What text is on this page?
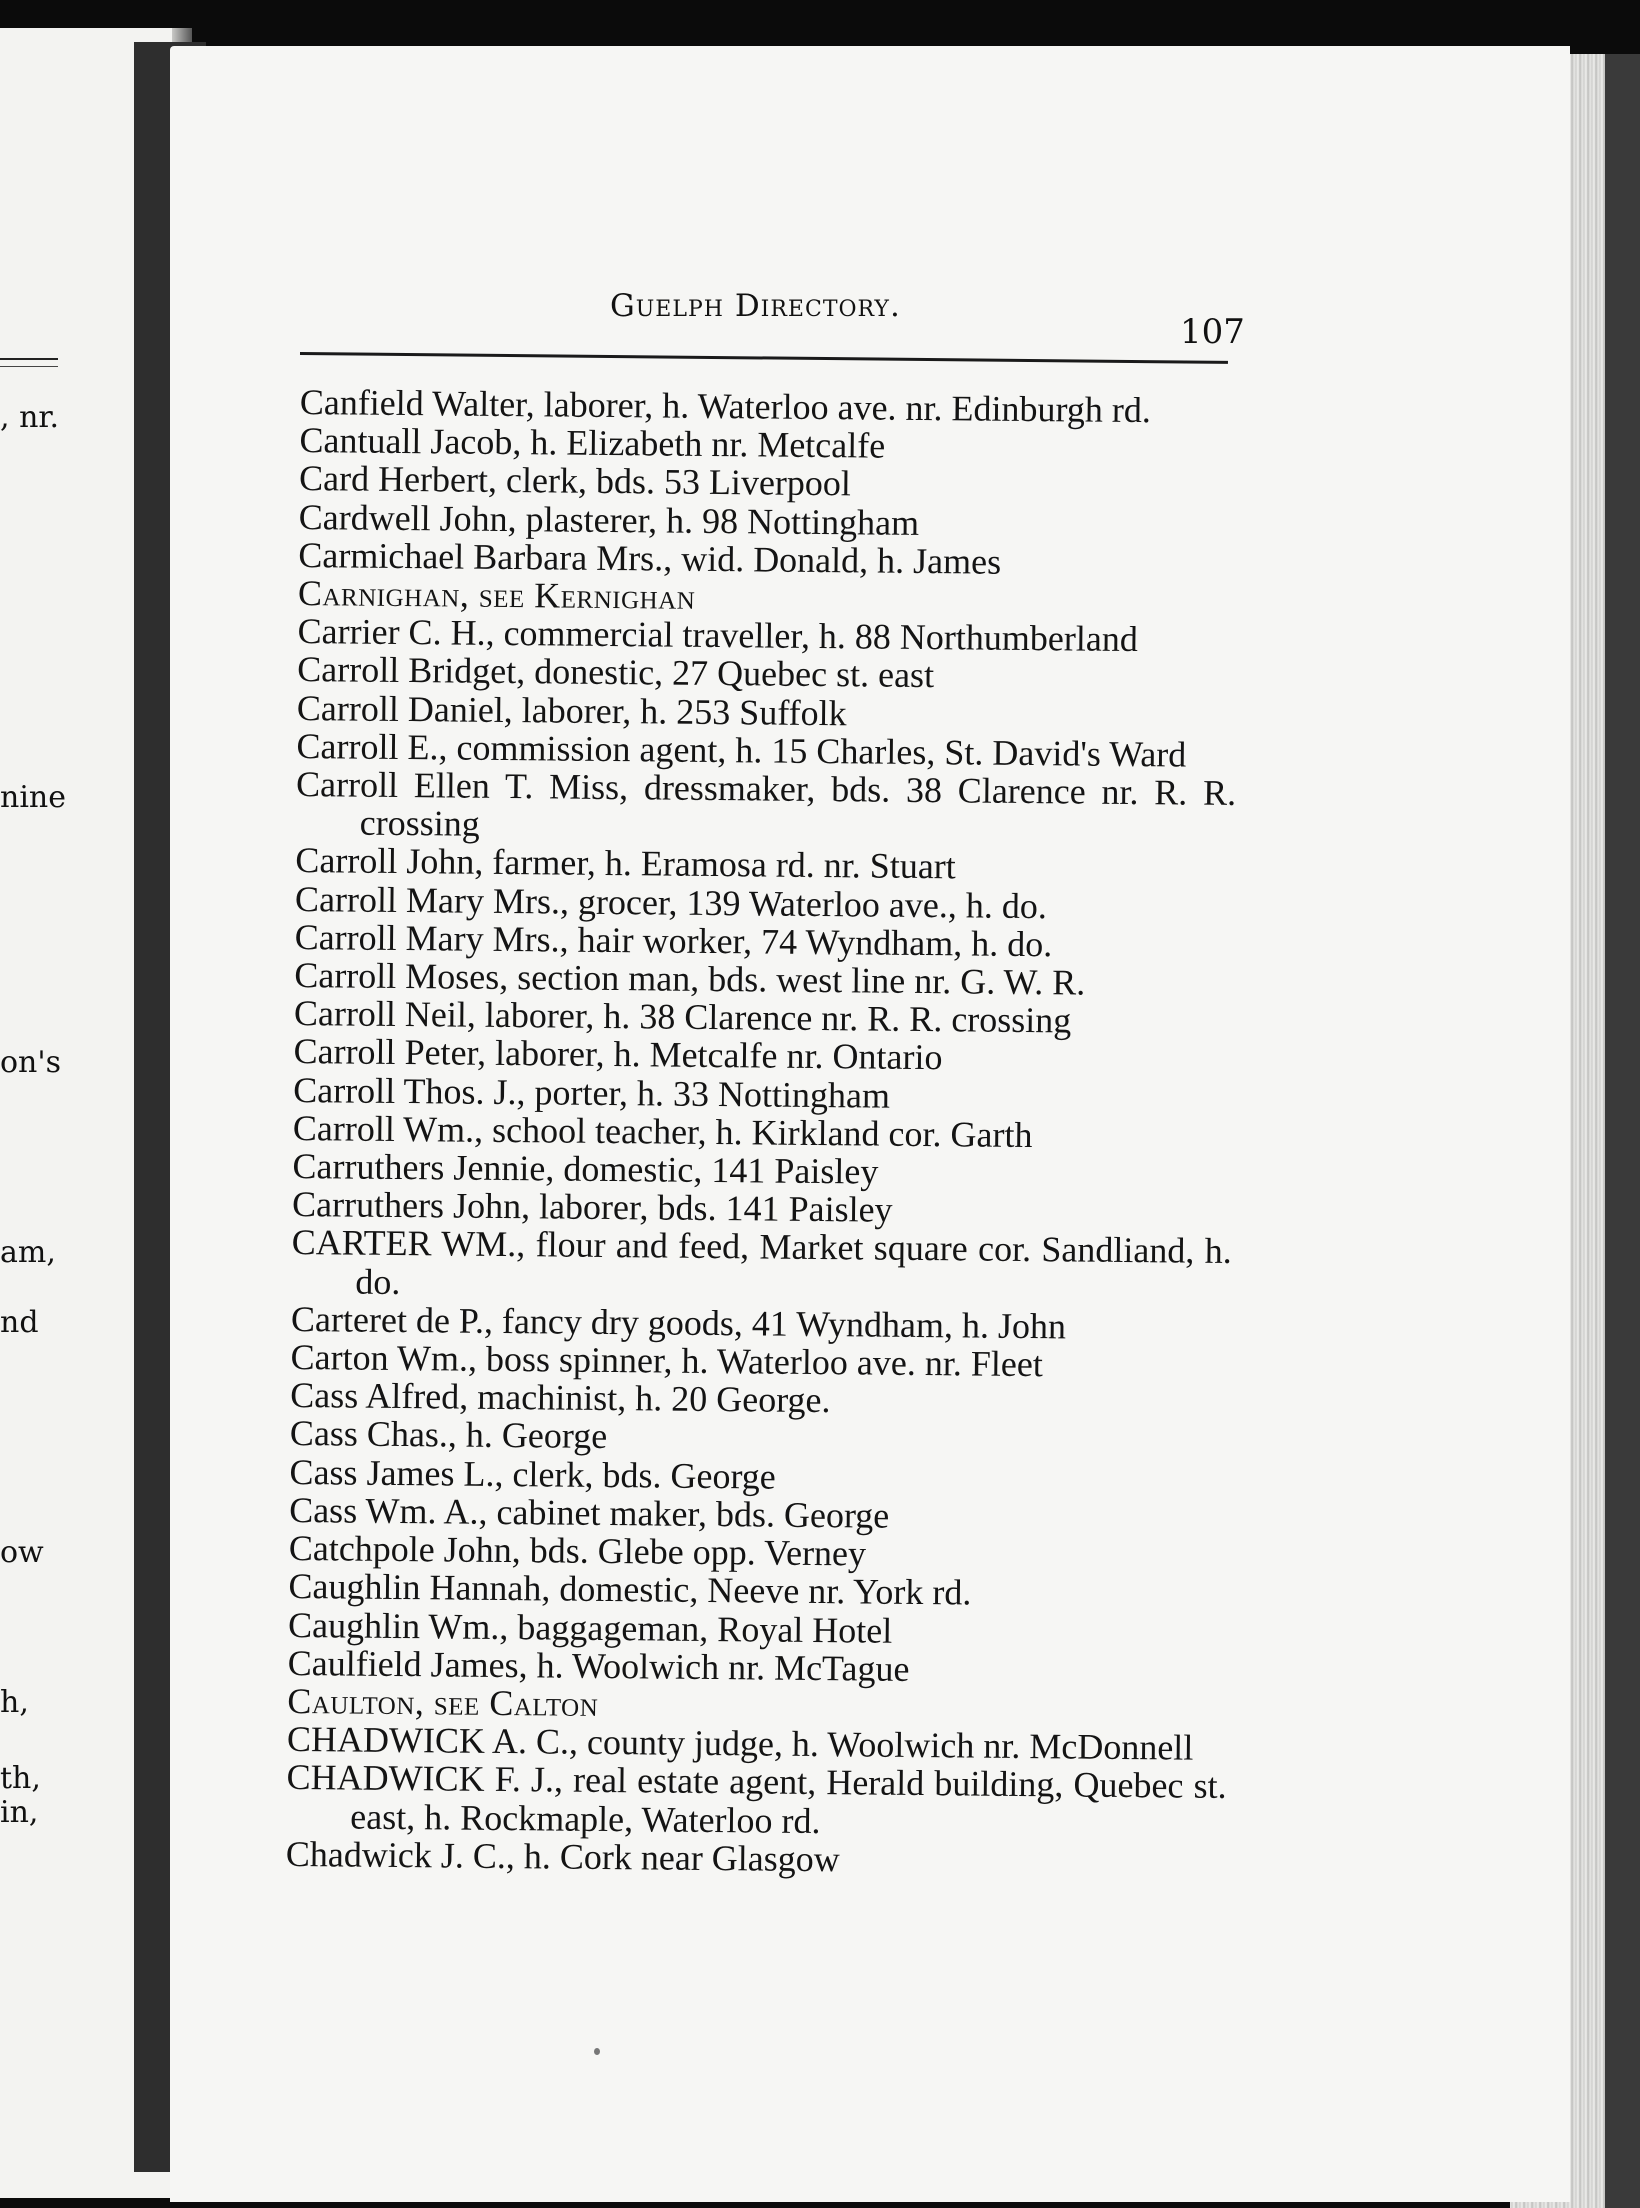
, nr.
nine
on's
am,
nd
ow
h,
th,
in,
Guelph Directory.
107
Canfield Walter, laborer, h. Waterloo ave. nr. Edinburgh rd.
Cantuall Jacob, h. Elizabeth nr. Metcalfe
Card Herbert, clerk, bds. 53 Liverpool
Cardwell John, plasterer, h. 98 Nottingham
Carmichael Barbara Mrs., wid. Donald, h. James
Carnighan, see Kernighan
Carrier C. H., commercial traveller, h. 88 Northumberland
Carroll Bridget, donestic, 27 Quebec st. east
Carroll Daniel, laborer, h. 253 Suffolk
Carroll E., commission agent, h. 15 Charles, St. David's Ward
Carroll Ellen T. Miss, dressmaker, bds. 38 Clarence nr. R. R. crossing
Carroll John, farmer, h. Eramosa rd. nr. Stuart
Carroll Mary Mrs., grocer, 139 Waterloo ave., h. do.
Carroll Mary Mrs., hair worker, 74 Wyndham, h. do.
Carroll Moses, section man, bds. west line nr. G. W. R.
Carroll Neil, laborer, h. 38 Clarence nr. R. R. crossing
Carroll Peter, laborer, h. Metcalfe nr. Ontario
Carroll Thos. J., porter, h. 33 Nottingham
Carroll Wm., school teacher, h. Kirkland cor. Garth
Carruthers Jennie, domestic, 141 Paisley
Carruthers John, laborer, bds. 141 Paisley
CARTER WM., flour and feed, Market square cor. Sandliand, h. do.
Carteret de P., fancy dry goods, 41 Wyndham, h. John
Carton Wm., boss spinner, h. Waterloo ave. nr. Fleet
Cass Alfred, machinist, h. 20 George.
Cass Chas., h. George
Cass James L., clerk, bds. George
Cass Wm. A., cabinet maker, bds. George
Catchpole John, bds. Glebe opp. Verney
Caughlin Hannah, domestic, Neeve nr. York rd.
Caughlin Wm., baggageman, Royal Hotel
Caulfield James, h. Woolwich nr. McTague
Caulton, see Calton
CHADWICK A. C., county judge, h. Woolwich nr. McDonnell
CHADWICK F. J., real estate agent, Herald building, Quebec st. east, h. Rockmaple, Waterloo rd.
Chadwick J. C., h. Cork near Glasgow
